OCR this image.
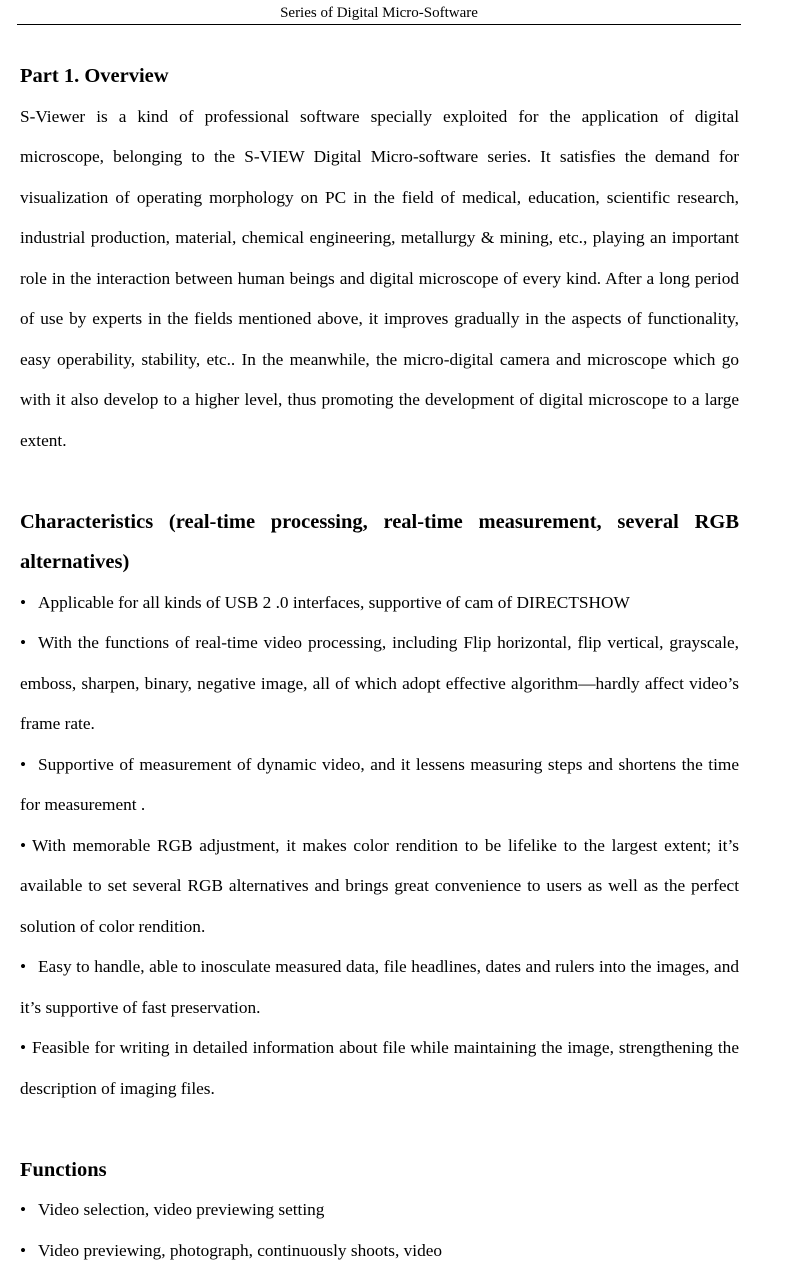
Series of Digital Micro-Software
Part 1. Overview

S-Viewer is a kind of professional software specially exploited for the application of digital microscope, belonging to the S-VIEW Digital Micro-software series. It satisfies the demand for visualization of operating morphology on PC in the field of medical, education, scientific research, industrial production, material, chemical engineering, metallurgy & mining, etc., playing an important role in the interaction between human beings and digital microscope of every kind. After a long period of use by experts in the fields mentioned above, it improves gradually in the aspects of functionality, easy operability, stability, etc.. In the meanwhile, the micro-digital camera and microscope which go with it also develop to a higher level, thus promoting the development of digital microscope to a large extent.

Characteristics (real-time processing, real-time measurement, several RGB alternatives)

• Applicable for all kinds of USB 2 .0 interfaces, supportive of cam of DIRECTSHOW

• With the functions of real-time video processing, including Flip horizontal, flip vertical, grayscale, emboss, sharpen, binary, negative image, all of which adopt effective algorithm—hardly affect video’s frame rate.

• Supportive of measurement of dynamic video, and it lessens measuring steps and shortens the time for measurement .

• With memorable RGB adjustment, it makes color rendition to be lifelike to the largest extent; it’s available to set several RGB alternatives and brings great convenience to users as well as the perfect solution of color rendition.

• Easy to handle, able to inosculate measured data, file headlines, dates and rulers into the images, and it’s supportive of fast preservation.

• Feasible for writing in detailed information about file while maintaining the image, strengthening the description of imaging files.

Functions

• Video selection, video previewing setting

• Video previewing, photograph, continuously shoots, video
